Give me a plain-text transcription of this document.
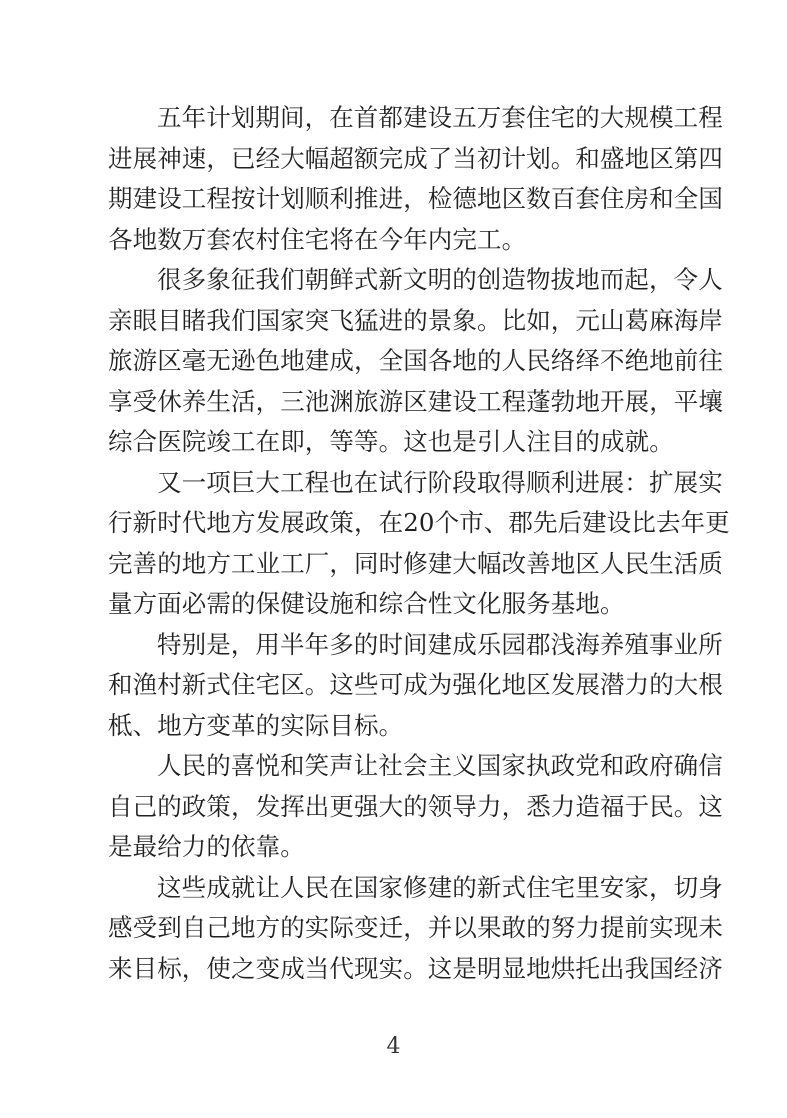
五年计划期间，在首都建设五万套住宅的大规模工程
进展神速，已经大幅超额完成了当初计划。和盛地区第四
期建设工程按计划顺利推进，检德地区数百套住房和全国
各地数万套农村住宅将在今年内完工。

很多象征我们朝鲜式新文明的创造物拔地而起，令人
亲眼目睹我们国家突飞猛进的景象。比如，元山葛麻海岸
旅游区毫无逊色地建成，全国各地的人民络绎不绝地前往
享受休养生活，三池渊旅游区建设工程蓬勃地开展，平壤
综合医院竣工在即，等等。这也是引人注目的成就。

又一项巨大工程也在试行阶段取得顺利进展：扩展实
行新时代地方发展政策，在20个市、郡先后建设比去年更
完善的地方工业工厂，同时修建大幅改善地区人民生活质
量方面必需的保健设施和综合性文化服务基地。

特别是，用半年多的时间建成乐园郡浅海养殖事业所
和渔村新式住宅区。这些可成为强化地区发展潜力的大根
柢、地方变革的实际目标。

人民的喜悦和笑声让社会主义国家执政党和政府确信
自己的政策，发挥出更强大的领导力，悉力造福于民。这
是最给力的依靠。

这些成就让人民在国家修建的新式住宅里安家，切身
感受到自己地方的实际变迁，并以果敢的努力提前实现未
来目标，使之变成当代现实。这是明显地烘托出我国经济

4
